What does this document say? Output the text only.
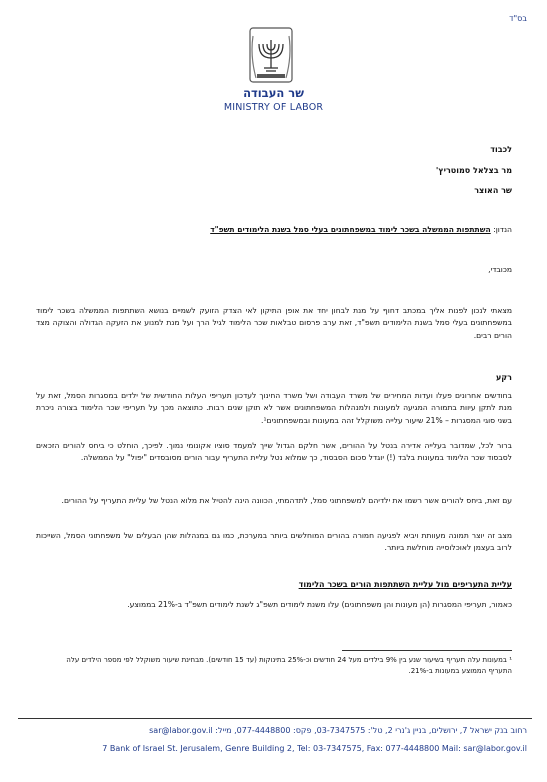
בס"ד
שר העבודה
MINISTRY OF LABOR
לכבוד
מר בצלאל סמוטריץ'
שר האוצר
הנדון: השתתפות הממשלה בשכר לימוד במשפחתונים בעלי סמל בשנת הלימודים תשפ"ד
מכובדי,
מצאתי לנכון לפנות אליך במכתב דחוף על מנת לבחון יחד את אופן התיקון לאי הצדק הזועק לשמיים בנושא השתתפות הממשלה בשכר לימוד במשפחתונים בעלי סמל בשנת הלימודים תשפ"ד, זאת ערב פרסום טבלאות שכר הלימוד לגיל הרך ועל מנת למנוע את הזעקה הגדולה והצוקה מצד הורים רבים.
רקע
בחודשים אחרונים פעלו ועדות המחירים של משרד העבודה ושל משרד החינוך לעדכון תעריפי העלות החודשית של ילדים במסגרות הסמל, זאת על מנת לתקן עיוות בתמורה המגיעה למעונות ולמנהלות המשפחתונים אשר לא תוקן שנים רבות. כתוצאה מכך על תעריפי שכר הלימוד בצורה ניכרת בשני סוגי המסגרות – 21% שיעור עלייה משוקלל זהה במעונות ובמשפחתונים¹.
ברור לכל, שמדובר בעלייה אדירה בנטל על ההורים, אשר חלקם הגדול שייך למעמד סוציו אקונומי נמוך. לפיכך, הוחלט כי ביחס להורים הזכאים לסבסוד שכר הלימוד במעונות בלבד (!) יוגדל סכום הסבסוד, כך שמלוא נטל עליית התעריף עבור הורים מסובסדים "יפול" על הממשלה.
עם זאת, ביחס להורים אשר רשמו את ילדיהם למשפחתוני סמל, לתדהמתי, הכוונה הינה להטיל את מלוא הנטל של עליית התעריף על ההורים.
מצב זה יוצר תמונה מעוותת ויביא לפגיעה חמורה בהורים המוחלשים ביותר במערכת, כמו גם במנהלות שהן הבעלים של משפחתוני הסמל, השייכות לרוב בעצמן לאוכלוסייה מוחלשת ביותר.
עליית התעריפים מול עליית השתתפות הורים בשכר הלימוד
כאמור, תעריפי המסגרות (הן מעונות והן משפחתונים) עלו משנת לימודים תשפ"ג לשנת לימודים תשפ"ד ב-21% בממוצע.
¹ במעונות עלה תעריף בשיעור שנע בין 9% בילדים מעל 24 חודשים וכ-25% בתינוקות (עד 15 חודשים). מבחינת שיעור משוקלל לפי מספר הילדים עלה התעריף הממוצע במעונות ב-21%.
רחוב בנק ישראל 7, ירושלים, בניין ג'נרי 2, טל': 03-7347575, פקס: 077-4448800, מייל: sar@labor.gov.il
7 Bank of Israel St. Jerusalem, Genre Building 2, Tel: 03-7347575, Fax: 077-4448800 Mail: sar@labor.gov.il
